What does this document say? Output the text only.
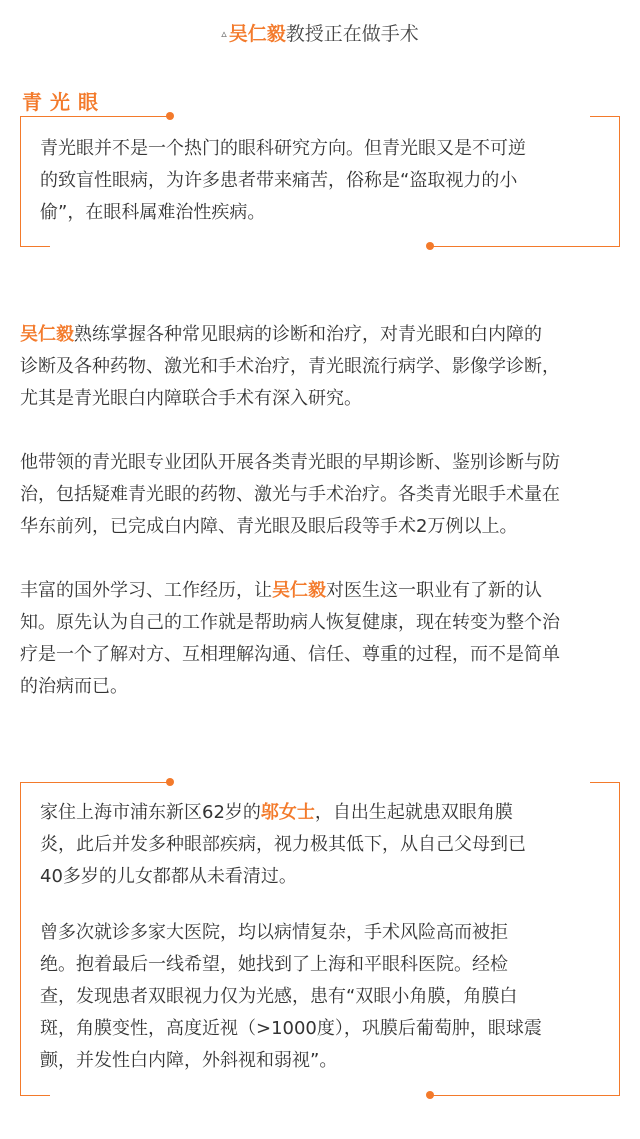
▵ 吴仁毅教授正在做手术
青光眼
青光眼并不是一个热门的眼科研究方向。但青光眼又是不可逆
的致盲性眼病，为许多患者带来痛苦，俗称是“盗取视力的小
偷”，在眼科属难治性疾病。
吴仁毅熟练掌握各种常见眼病的诊断和治疗，对青光眼和白内障的
诊断及各种药物、激光和手术治疗，青光眼流行病学、影像学诊断，
尤其是青光眼白内障联合手术有深入研究。
他带领的青光眼专业团队开展各类青光眼的早期诊断、鉴别诊断与防
治，包括疑难青光眼的药物、激光与手术治疗。各类青光眼手术量在
华东前列，已完成白内障、青光眼及眼后段等手术2万例以上。
丰富的国外学习、工作经历，让吴仁毅对医生这一职业有了新的认
知。原先认为自己的工作就是帮助病人恢复健康，现在转变为整个治
疗是一个了解对方、互相理解沟通、信任、尊重的过程，而不是简单
的治病而已。
家住上海市浦东新区62岁的邬女士，自出生起就患双眼角膜
炎，此后并发多种眼部疾病，视力极其低下，从自己父母到已
40多岁的儿女都都从未看清过。
曾多次就诊多家大医院，均以病情复杂，手术风险高而被拒
绝。抱着最后一线希望，她找到了上海和平眼科医院。经检
查，发现患者双眼视力仅为光感，患有“双眼小角膜，角膜白
斑，角膜变性，高度近视（>1000度），巩膜后葡萄肿，眼球震
颤，并发性白内障，外斜视和弱视”。
